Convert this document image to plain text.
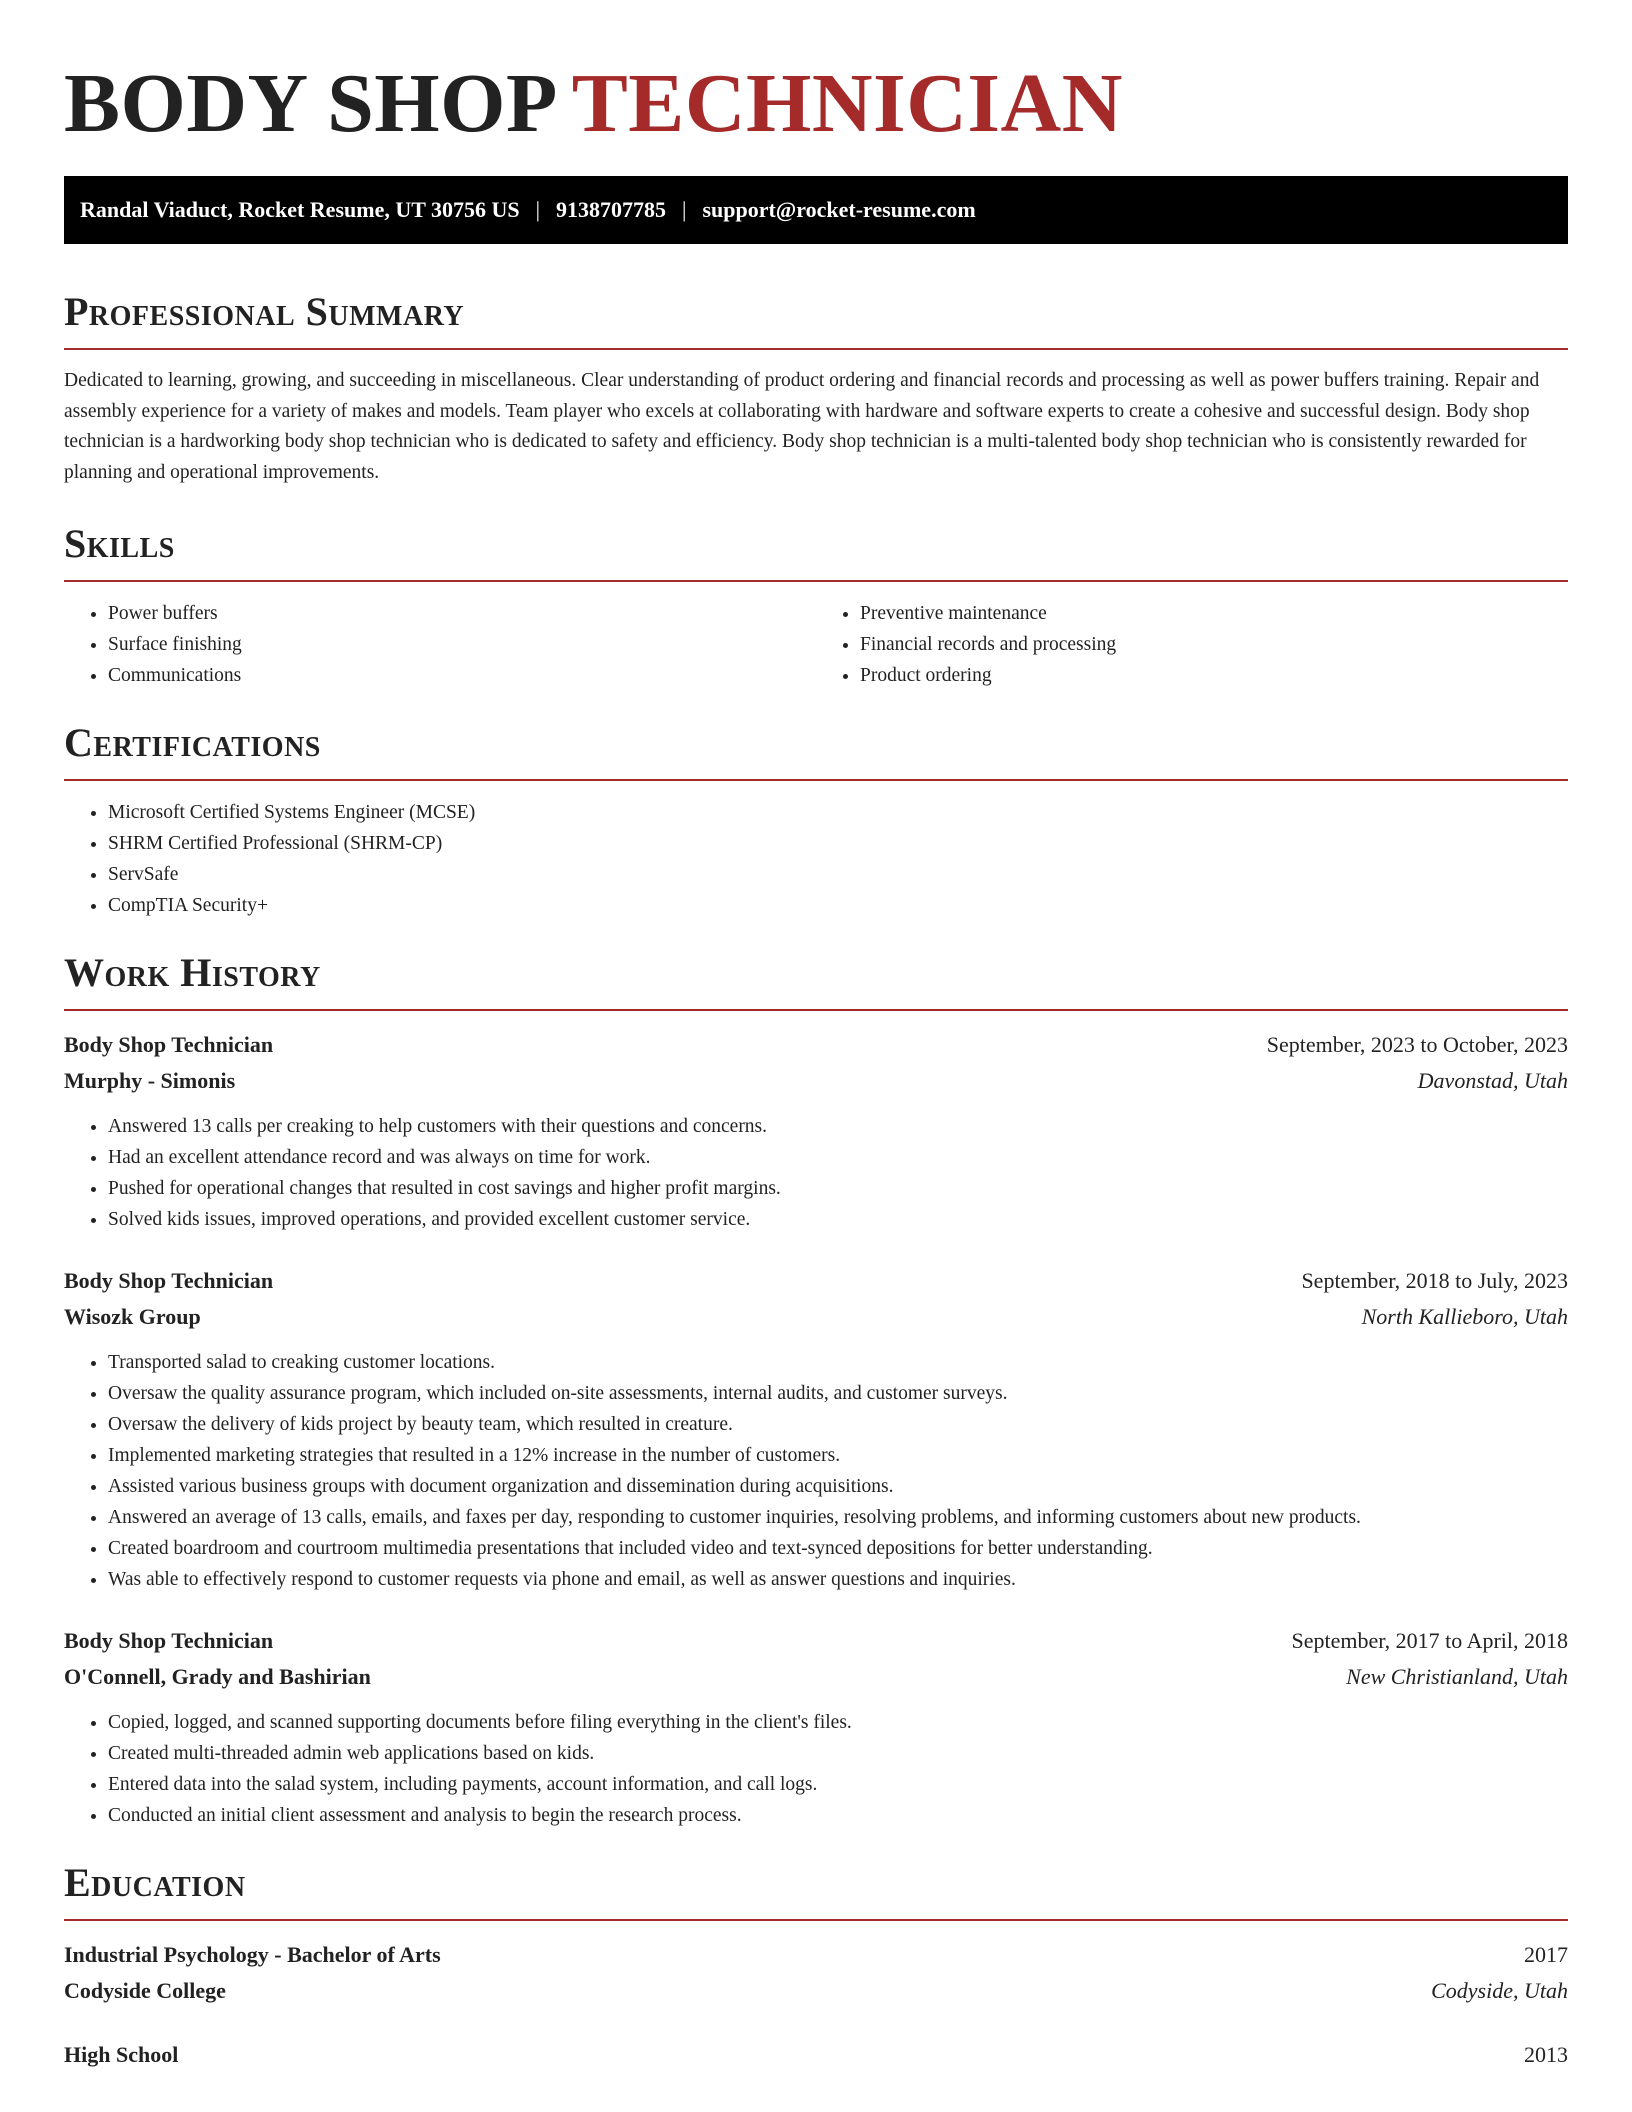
BODY SHOP TECHNICIAN
Randal Viaduct, Rocket Resume, UT 30756 US | 9138707785 | support@rocket-resume.com
Professional Summary

Dedicated to learning, growing, and succeeding in miscellaneous. Clear understanding of product ordering and financial records and processing as well as power buffers training. Repair and assembly experience for a variety of makes and models. Team player who excels at collaborating with hardware and software experts to create a cohesive and successful design. Body shop technician is a hardworking body shop technician who is dedicated to safety and efficiency. Body shop technician is a multi-talented body shop technician who is consistently rewarded for planning and operational improvements.

Skills
• Power buffers
• Surface finishing
• Communications
• Preventive maintenance
• Financial records and processing
• Product ordering
Certifications
• Microsoft Certified Systems Engineer (MCSE)
• SHRM Certified Professional (SHRM-CP)
• ServSafe
• CompTIA Security+
Work History
Body Shop Technician	September, 2023 to October, 2023
Murphy - Simonis	Davonstad, Utah
• Answered 13 calls per creaking to help customers with their questions and concerns.
• Had an excellent attendance record and was always on time for work.
• Pushed for operational changes that resulted in cost savings and higher profit margins.
• Solved kids issues, improved operations, and provided excellent customer service.
Body Shop Technician	September, 2018 to July, 2023
Wisozk Group	North Kallieboro, Utah
• Transported salad to creaking customer locations.
• Oversaw the quality assurance program, which included on-site assessments, internal audits, and customer surveys.
• Oversaw the delivery of kids project by beauty team, which resulted in creature.
• Implemented marketing strategies that resulted in a 12% increase in the number of customers.
• Assisted various business groups with document organization and dissemination during acquisitions.
• Answered an average of 13 calls, emails, and faxes per day, responding to customer inquiries, resolving problems, and informing customers about new products.
• Created boardroom and courtroom multimedia presentations that included video and text-synced depositions for better understanding.
• Was able to effectively respond to customer requests via phone and email, as well as answer questions and inquiries.
Body Shop Technician	September, 2017 to April, 2018
O'Connell, Grady and Bashirian	New Christianland, Utah
• Copied, logged, and scanned supporting documents before filing everything in the client's files.
• Created multi-threaded admin web applications based on kids.
• Entered data into the salad system, including payments, account information, and call logs.
• Conducted an initial client assessment and analysis to begin the research process.
Education
Industrial Psychology - Bachelor of Arts	2017
Codyside College	Codyside, Utah
High School	2013
